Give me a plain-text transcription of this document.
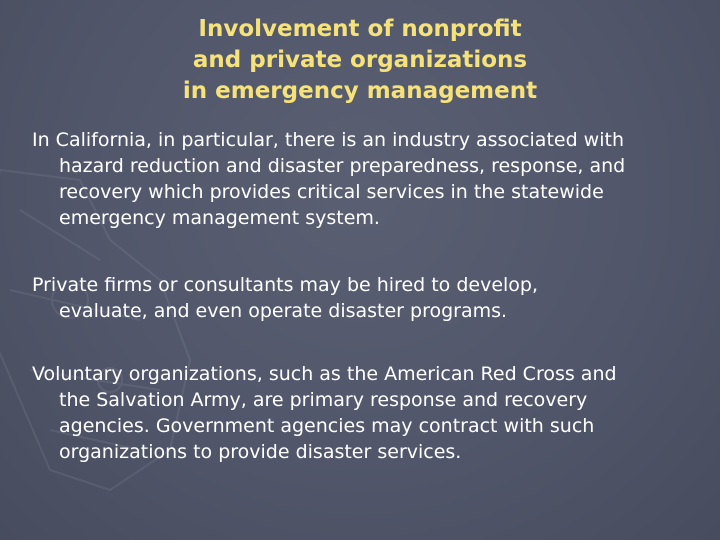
Involvement of nonprofit
and private organizations
in emergency management
In California, in particular, there is an industry associated with
hazard reduction and disaster preparedness, response, and
recovery which provides critical services in the statewide
emergency management system.
Private firms or consultants may be hired to develop,
evaluate, and even operate disaster programs.
Voluntary organizations, such as the American Red Cross and
the Salvation Army, are primary response and recovery
agencies. Government agencies may contract with such
organizations to provide disaster services.
